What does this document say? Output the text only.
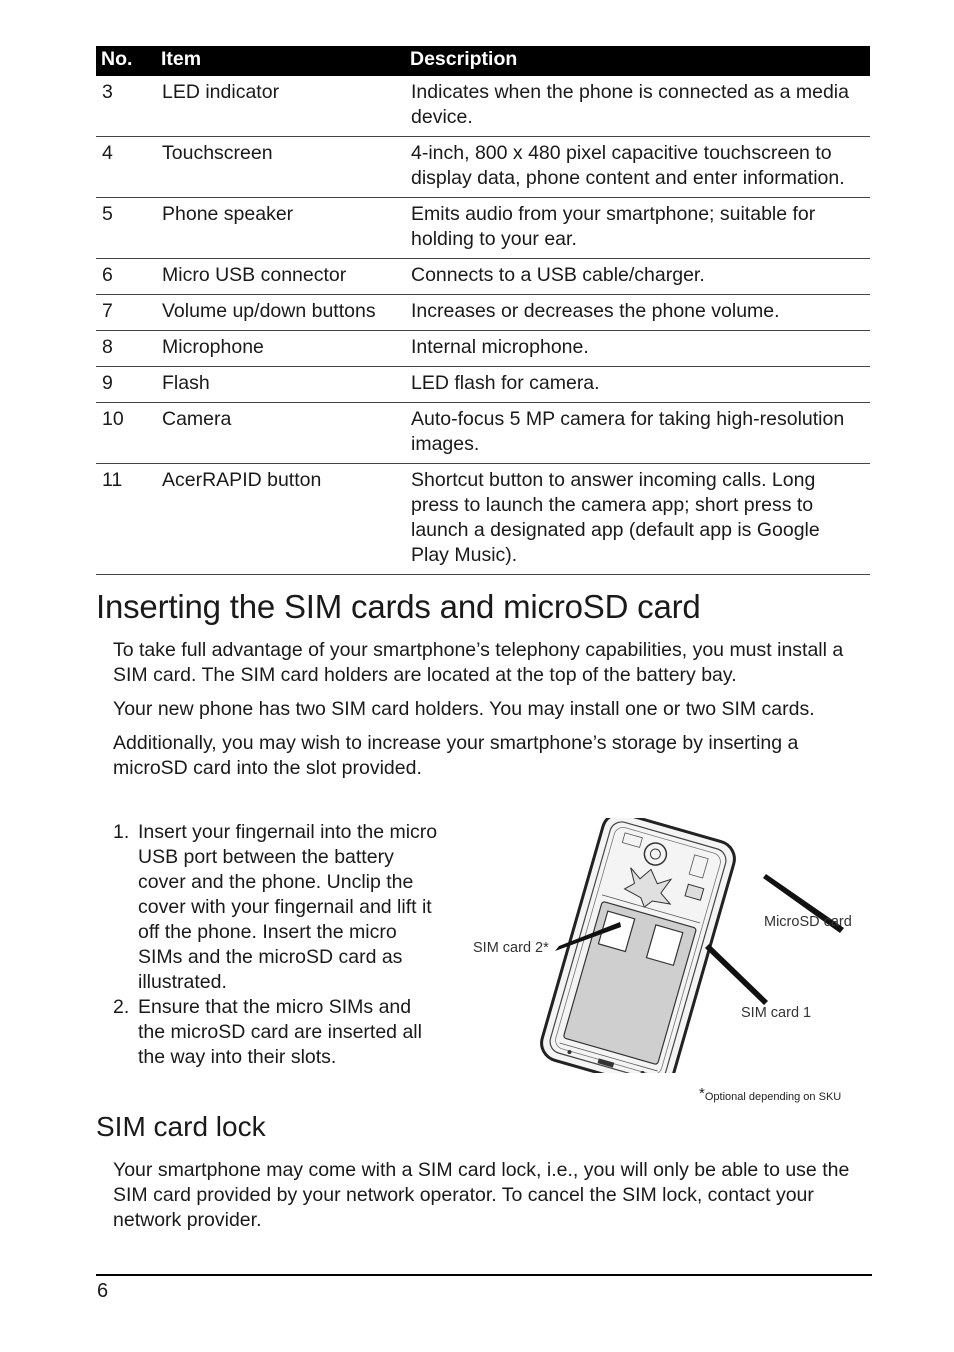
No.	Item	Description
3	LED indicator	Indicates when the phone is connected as a media device.
4	Touchscreen	4-inch, 800 x 480 pixel capacitive touchscreen to display data, phone content and enter information.
5	Phone speaker	Emits audio from your smartphone; suitable for holding to your ear.
6	Micro USB connector	Connects to a USB cable/charger.
7	Volume up/down buttons	Increases or decreases the phone volume.
8	Microphone	Internal microphone.
9	Flash	LED flash for camera.
10	Camera	Auto-focus 5 MP camera for taking high-resolution images.
11	AcerRAPID button	Shortcut button to answer incoming calls. Long press to launch the camera app; short press to launch a designated app (default app is Google Play Music).
Inserting the SIM cards and microSD card

To take full advantage of your smartphone’s telephony capabilities, you must install a SIM card. The SIM card holders are located at the top of the battery bay.

Your new phone has two SIM card holders. You may install one or two SIM cards.

Additionally, you may wish to increase your smartphone’s storage by inserting a microSD card into the slot provided.

1. Insert your fingernail into the micro USB port between the battery cover and the phone. Unclip the cover with your fingernail and lift it off the phone. Insert the micro SIMs and the microSD card as illustrated.
2. Ensure that the micro SIMs and the microSD card are inserted all the way into their slots.
MicroSD card
SIM card 2*
SIM card 1
*Optional depending on SKU
SIM card lock

Your smartphone may come with a SIM card lock, i.e., you will only be able to use the SIM card provided by your network operator. To cancel the SIM lock, contact your network provider.

6
